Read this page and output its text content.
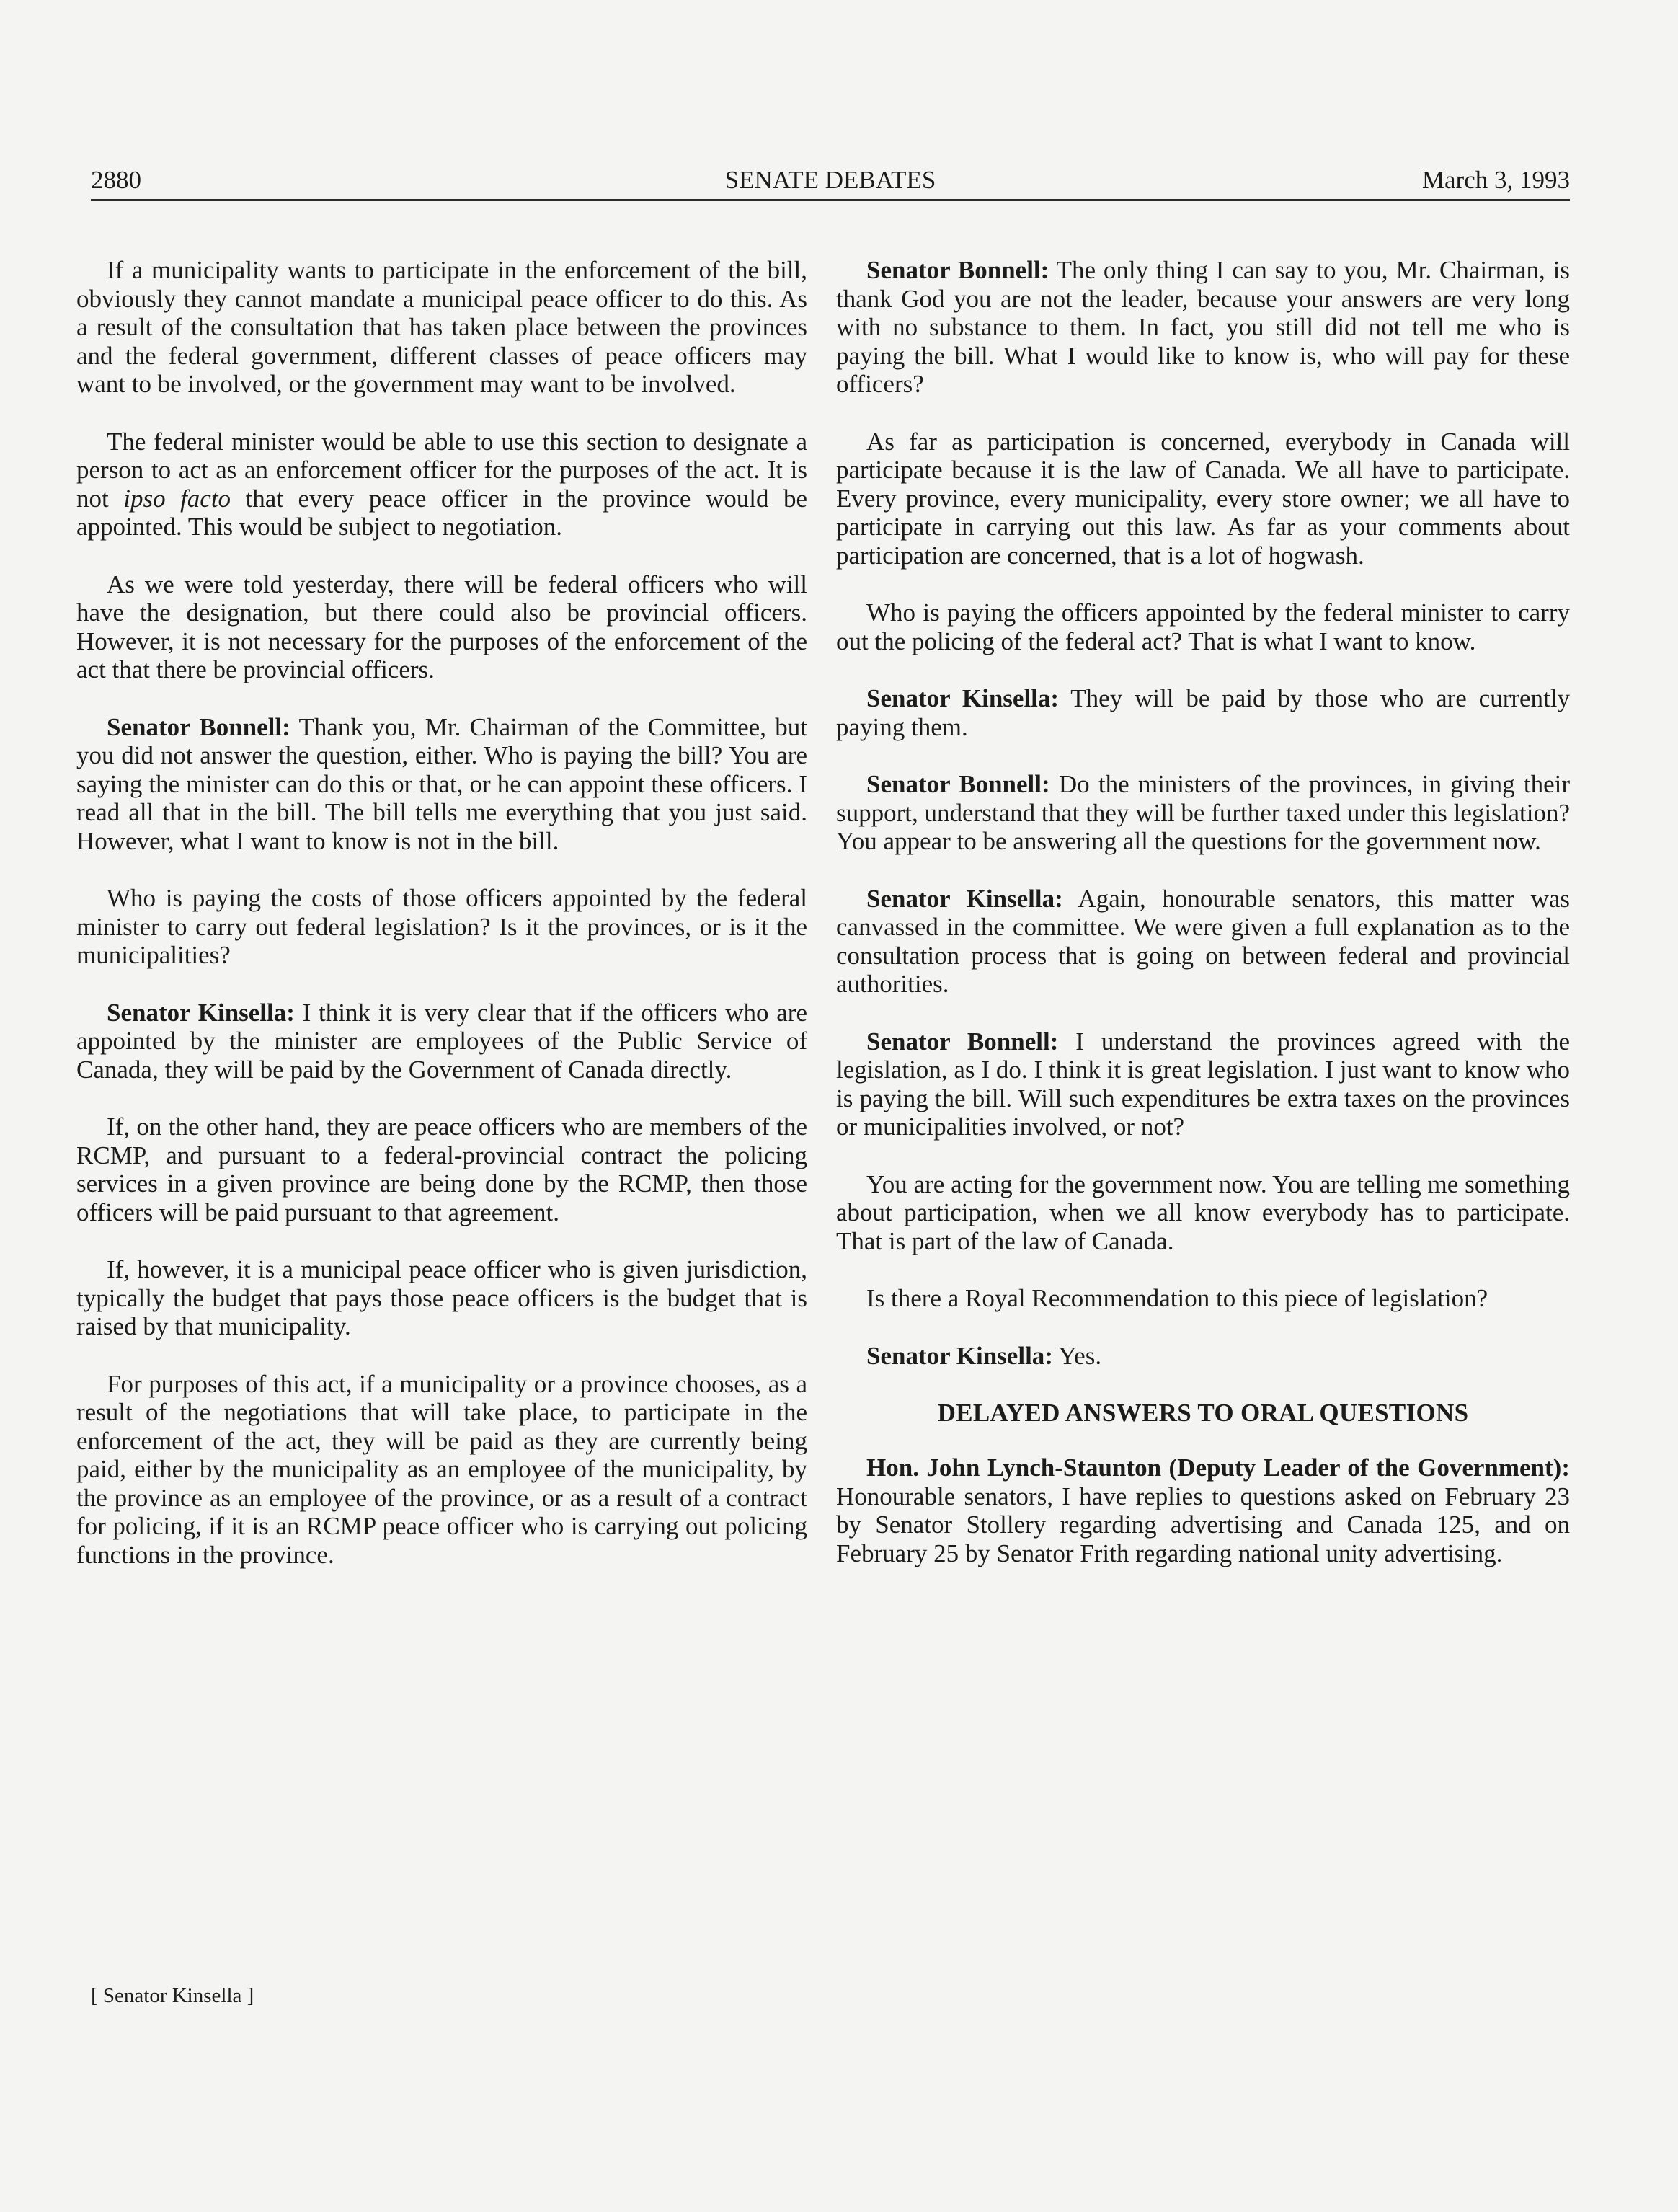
2880	SENATE DEBATES	March 3, 1993

If a municipality wants to participate in the enforcement of the bill, obviously they cannot mandate a municipal peace officer to do this. As a result of the consultation that has taken place between the provinces and the federal government, different classes of peace officers may want to be involved, or the government may want to be involved.

The federal minister would be able to use this section to designate a person to act as an enforcement officer for the purposes of the act. It is not ipso facto that every peace officer in the province would be appointed. This would be subject to negotiation.

As we were told yesterday, there will be federal officers who will have the designation, but there could also be provincial officers. However, it is not necessary for the purposes of the enforcement of the act that there be provincial officers.

Senator Bonnell: Thank you, Mr. Chairman of the Committee, but you did not answer the question, either. Who is paying the bill? You are saying the minister can do this or that, or he can appoint these officers. I read all that in the bill. The bill tells me everything that you just said. However, what I want to know is not in the bill.

Who is paying the costs of those officers appointed by the federal minister to carry out federal legislation? Is it the provinces, or is it the municipalities?

Senator Kinsella: I think it is very clear that if the officers who are appointed by the minister are employees of the Public Service of Canada, they will be paid by the Government of Canada directly.

If, on the other hand, they are peace officers who are members of the RCMP, and pursuant to a federal-provincial contract the policing services in a given province are being done by the RCMP, then those officers will be paid pursuant to that agreement.

If, however, it is a municipal peace officer who is given jurisdiction, typically the budget that pays those peace officers is the budget that is raised by that municipality.

For purposes of this act, if a municipality or a province chooses, as a result of the negotiations that will take place, to participate in the enforcement of the act, they will be paid as they are currently being paid, either by the municipality as an employee of the municipality, by the province as an employee of the province, or as a result of a contract for policing, if it is an RCMP peace officer who is carrying out policing functions in the province.

Senator Bonnell: The only thing I can say to you, Mr. Chairman, is thank God you are not the leader, because your answers are very long with no substance to them. In fact, you still did not tell me who is paying the bill. What I would like to know is, who will pay for these officers?

As far as participation is concerned, everybody in Canada will participate because it is the law of Canada. We all have to participate. Every province, every municipality, every store owner; we all have to participate in carrying out this law. As far as your comments about participation are concerned, that is a lot of hogwash.

Who is paying the officers appointed by the federal minister to carry out the policing of the federal act? That is what I want to know.

Senator Kinsella: They will be paid by those who are currently paying them.

Senator Bonnell: Do the ministers of the provinces, in giving their support, understand that they will be further taxed under this legislation? You appear to be answering all the questions for the government now.

Senator Kinsella: Again, honourable senators, this matter was canvassed in the committee. We were given a full explanation as to the consultation process that is going on between federal and provincial authorities.

Senator Bonnell: I understand the provinces agreed with the legislation, as I do. I think it is great legislation. I just want to know who is paying the bill. Will such expenditures be extra taxes on the provinces or municipalities involved, or not?

You are acting for the government now. You are telling me something about participation, when we all know everybody has to participate. That is part of the law of Canada.

Is there a Royal Recommendation to this piece of legislation?

Senator Kinsella: Yes.

DELAYED ANSWERS TO ORAL QUESTIONS

Hon. John Lynch-Staunton (Deputy Leader of the Government): Honourable senators, I have replies to questions asked on February 23 by Senator Stollery regarding advertising and Canada 125, and on February 25 by Senator Frith regarding national unity advertising.

[ Senator Kinsella ]
